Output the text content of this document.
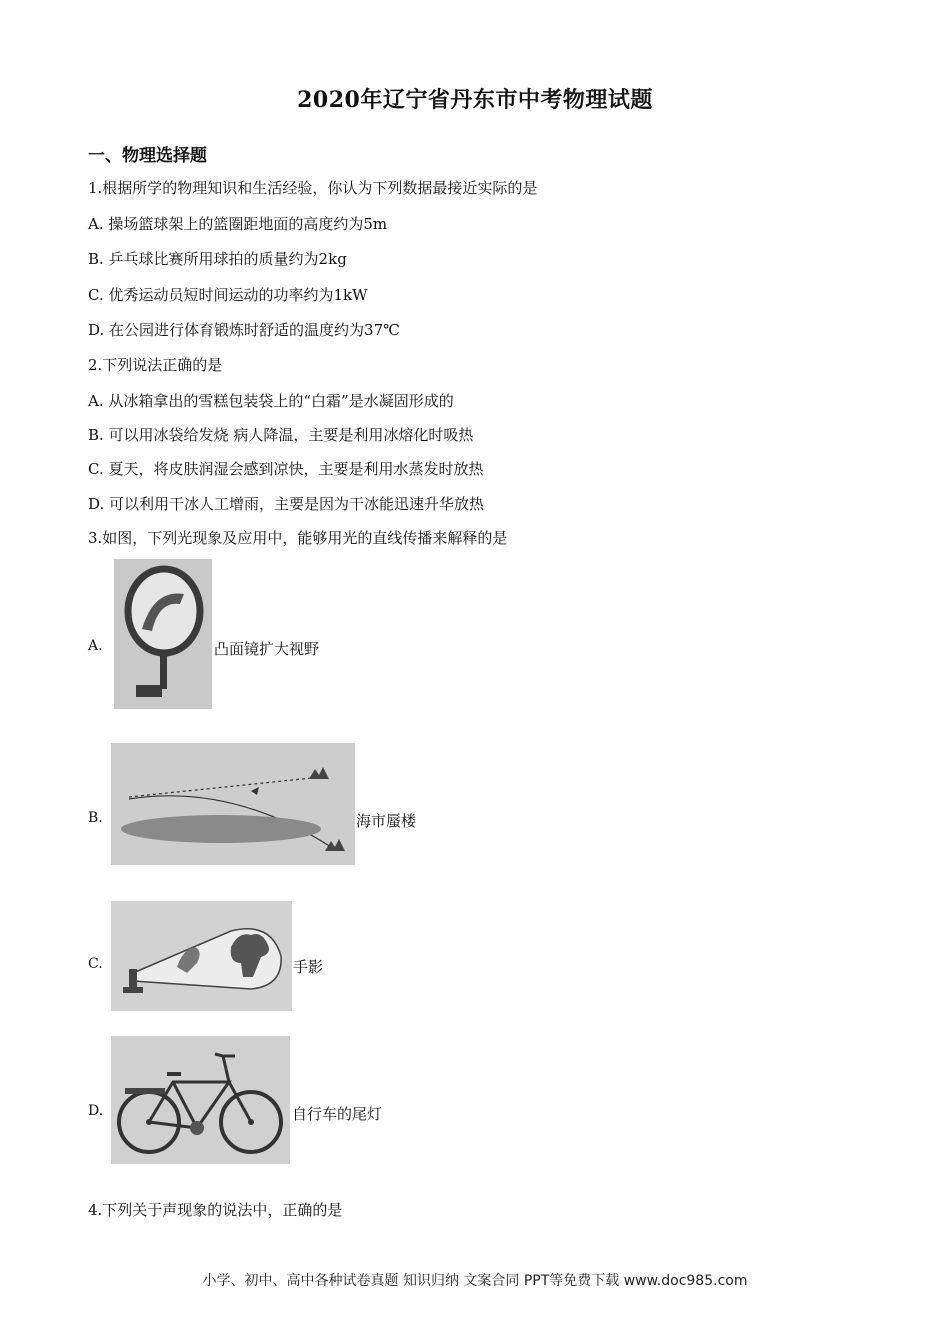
2020年辽宁省丹东市中考物理试题
一、物理选择题
1.根据所学的物理知识和生活经验，你认为下列数据最接近实际的是
A. 操场篮球架上的篮圈距地面的高度约为5m
B. 乒乓球比赛所用球拍的质量约为2kg
C. 优秀运动员短时间运动的功率约为1kW
D. 在公园进行体育锻炼时舒适的温度约为37℃
2.下列说法正确的是
A. 从冰箱拿出的雪糕包装袋上的“白霜”是水凝固形成的
B. 可以用冰袋给发烧 病人降温，主要是利用冰熔化时吸热
C. 夏天，将皮肤润湿会感到凉快，主要是利用水蒸发时放热
D. 可以利用干冰人工增雨，主要是因为干冰能迅速升华放热
3.如图，下列光现象及应用中，能够用光的直线传播来解释的是
A.	凸面镜扩大视野
B.	海市蜃楼
C.	手影
D.	自行车的尾灯
4.下列关于声现象的说法中，正确的是
小学、初中、高中各种试卷真题 知识归纳 文案合同 PPT等免费下载 www.doc985.com
